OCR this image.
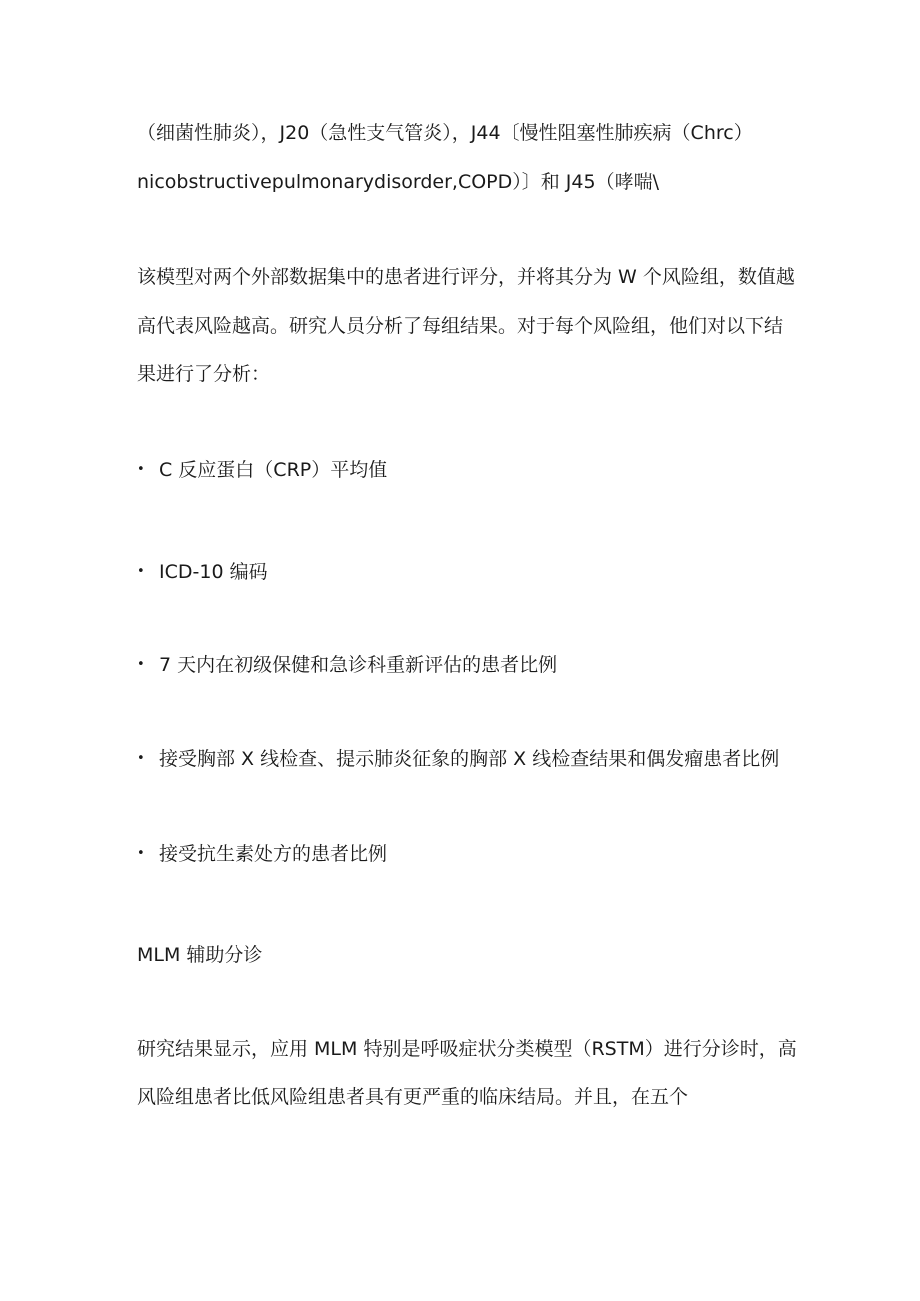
（细菌性肺炎），J20（急性支气管炎），J44〔慢性阻塞性肺疾病（Chrc）
nicobstructivepulmonarydisorder,COPD）〕和 J45（哮喘\
该模型对两个外部数据集中的患者进行评分，并将其分为 W 个风险组，数值越
高代表风险越高。研究人员分析了每组结果。对于每个风险组，他们对以下结
果进行了分析：
• C 反应蛋白（CRP）平均值
• ICD-10 编码
• 7 天内在初级保健和急诊科重新评估的患者比例
• 接受胸部 X 线检查、提示肺炎征象的胸部 X 线检查结果和偶发瘤患者比例
• 接受抗生素处方的患者比例
MLM 辅助分诊
研究结果显示，应用 MLM 特别是呼吸症状分类模型（RSTM）进行分诊时，高
风险组患者比低风险组患者具有更严重的临床结局。并且，在五个
